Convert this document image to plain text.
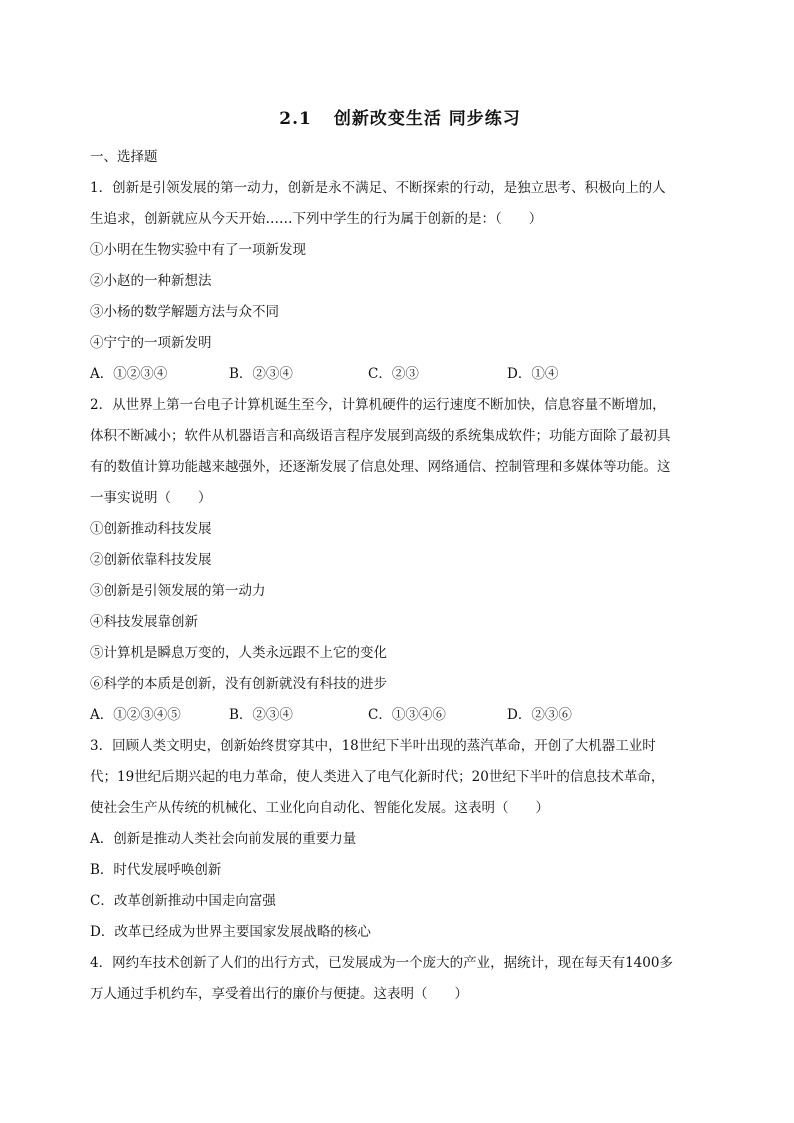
2.1 创新改变生活 同步练习
一、选择题
1．创新是引领发展的第一动力，创新是永不满足、不断探索的行动，是独立思考、积极向上的人
生追求，创新就应从今天开始……下列中学生的行为属于创新的是：（　　）
①小明在生物实验中有了一项新发现
②小赵的一种新想法
③小杨的数学解题方法与众不同
④宁宁的一项新发明
A．①②③④	B．②③④	C．②③	D．①④
2．从世界上第一台电子计算机诞生至今，计算机硬件的运行速度不断加快，信息容量不断增加，
体积不断减小；软件从机器语言和高级语言程序发展到高级的系统集成软件；功能方面除了最初具
有的数值计算功能越来越强外，还逐渐发展了信息处理、网络通信、控制管理和多媒体等功能。这
一事实说明（　　）
①创新推动科技发展
②创新依靠科技发展
③创新是引领发展的第一动力
④科技发展靠创新
⑤计算机是瞬息万变的，人类永远跟不上它的变化
⑥科学的本质是创新，没有创新就没有科技的进步
A．①②③④⑤	B．②③④	C．①③④⑥	D．②③⑥
3．回顾人类文明史，创新始终贯穿其中，18世纪下半叶出现的蒸汽革命，开创了大机器工业时
代；19世纪后期兴起的电力革命，使人类进入了电气化新时代；20世纪下半叶的信息技术革命，
使社会生产从传统的机械化、工业化向自动化、智能化发展。这表明（　　）
A．创新是推动人类社会向前发展的重要力量
B．时代发展呼唤创新
C．改革创新推动中国走向富强
D．改革已经成为世界主要国家发展战略的核心
4．网约车技术创新了人们的出行方式，已发展成为一个庞大的产业，据统计，现在每天有1400多
万人通过手机约车，享受着出行的廉价与便捷。这表明（　　）
